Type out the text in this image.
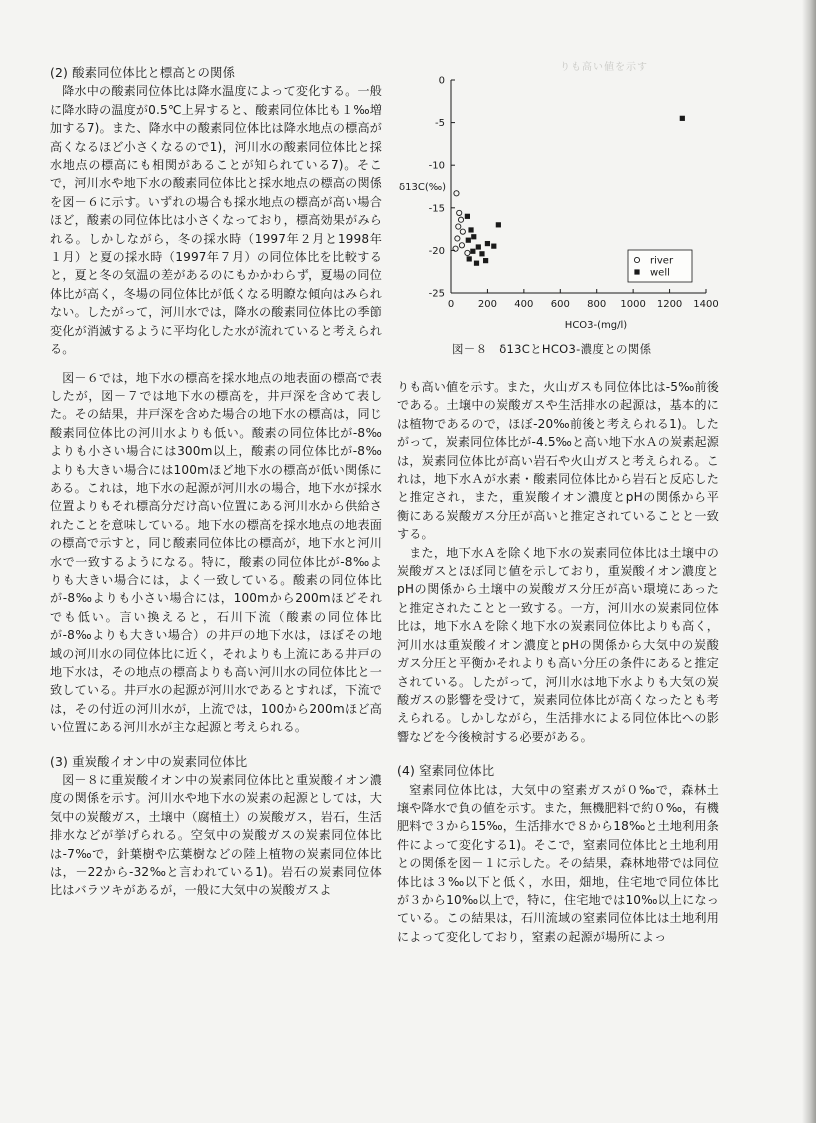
りも高い値を示す

(2) 酸素同位体比と標高との関係

降水中の酸素同位体比は降水温度によって変化する。一般に降水時の温度が0.5℃上昇すると、酸素同位体比も１‰増加する7)。また、降水中の酸素同位体比は降水地点の標高が高くなるほど小さくなるので1)，河川水の酸素同位体比と採水地点の標高にも相関があることが知られている7)。そこで，河川水や地下水の酸素同位体比と採水地点の標高の関係を図－６に示す。いずれの場合も採水地点の標高が高い場合ほど，酸素の同位体比は小さくなっており，標高効果がみられる。しかしながら，冬の採水時（1997年２月と1998年１月）と夏の採水時（1997年７月）の同位体比を比較すると，夏と冬の気温の差があるのにもかかわらず，夏場の同位体比が高く，冬場の同位体比が低くなる明瞭な傾向はみられない。したがって，河川水では，降水の酸素同位体比の季節変化が消滅するように平均化した水が流れていると考えられる。

図－６では，地下水の標高を採水地点の地表面の標高で表したが，図－７では地下水の標高を，井戸深を含めて表した。その結果，井戸深を含めた場合の地下水の標高は，同じ酸素同位体比の河川水よりも低い。酸素の同位体比が-8‰よりも小さい場合には300m以上，酸素の同位体比が-8‰よりも大きい場合には100mほど地下水の標高が低い関係にある。これは，地下水の起源が河川水の場合，地下水が採水位置よりもそれ標高分だけ高い位置にある河川水から供給されたことを意味している。地下水の標高を採水地点の地表面の標高で示すと，同じ酸素同位体比の標高が，地下水と河川水で一致するようになる。特に，酸素の同位体比が-8‰よりも大きい場合には，よく一致している。酸素の同位体比が-8‰よりも小さい場合には，100mから200mほどそれでも低い。言い換えると，石川下流（酸素の同位体比が-8‰よりも大きい場合）の井戸の地下水は，ほぼその地域の河川水の同位体比に近く，それよりも上流にある井戸の地下水は，その地点の標高よりも高い河川水の同位体比と一致している。井戸水の起源が河川水であるとすれば，下流では，その付近の河川水が，上流では，100から200mほど高い位置にある河川水が主な起源と考えられる。

(3) 重炭酸イオン中の炭素同位体比

図－８に重炭酸イオン中の炭素同位体比と重炭酸イオン濃度の関係を示す。河川水や地下水の炭素の起源としては，大気中の炭酸ガス，土壌中（腐植土）の炭酸ガス，岩石，生活排水などが挙げられる。空気中の炭酸ガスの炭素同位体比は-7‰で，針葉樹や広葉樹などの陸上植物の炭素同位体比は，－22から-32‰と言われている1)。岩石の炭素同位体比はバラツキがあるが，一般に大気中の炭酸ガスよ

0
-5
-10
-15
-20
-25
0 200 400 600 800 1000 1200 1400
δ13C(‰)
HCO3-(mg/l)
river
well
図－８　δ13CとHCO3-濃度との関係

りも高い値を示す。また，火山ガスも同位体比は-5‰前後である。土壌中の炭酸ガスや生活排水の起源は，基本的には植物であるので，ほぼ-20‰前後と考えられる1)。したがって，炭素同位体比が-4.5‰と高い地下水Ａの炭素起源は，炭素同位体比が高い岩石や火山ガスと考えられる。これは，地下水Ａが水素・酸素同位体比から岩石と反応したと推定され，また，重炭酸イオン濃度とpHの関係から平衡にある炭酸ガス分圧が高いと推定されていることと一致する。

また，地下水Ａを除く地下水の炭素同位体比は土壌中の炭酸ガスとほぼ同じ値を示しており，重炭酸イオン濃度とpHの関係から土壌中の炭酸ガス分圧が高い環境にあったと推定されたことと一致する。一方，河川水の炭素同位体比は，地下水Ａを除く地下水の炭素同位体比よりも高く，河川水は重炭酸イオン濃度とpHの関係から大気中の炭酸ガス分圧と平衡かそれよりも高い分圧の条件にあると推定されている。したがって，河川水は地下水よりも大気の炭酸ガスの影響を受けて，炭素同位体比が高くなったとも考えられる。しかしながら，生活排水による同位体比への影響などを今後検討する必要がある。

(4) 窒素同位体比

窒素同位体比は，大気中の窒素ガスが０‰で，森林土壌や降水で負の値を示す。また，無機肥料で約０‰，有機肥料で３から15‰，生活排水で８から18‰と土地利用条件によって変化する1)。そこで，窒素同位体比と土地利用との関係を図－１に示した。その結果，森林地帯では同位体比は３‰以下と低く，水田，畑地，住宅地で同位体比が３から10‰以上で，特に，住宅地では10‰以上になっている。この結果は，石川流域の窒素同位体比は土地利用によって変化しており，窒素の起源が場所によっ
